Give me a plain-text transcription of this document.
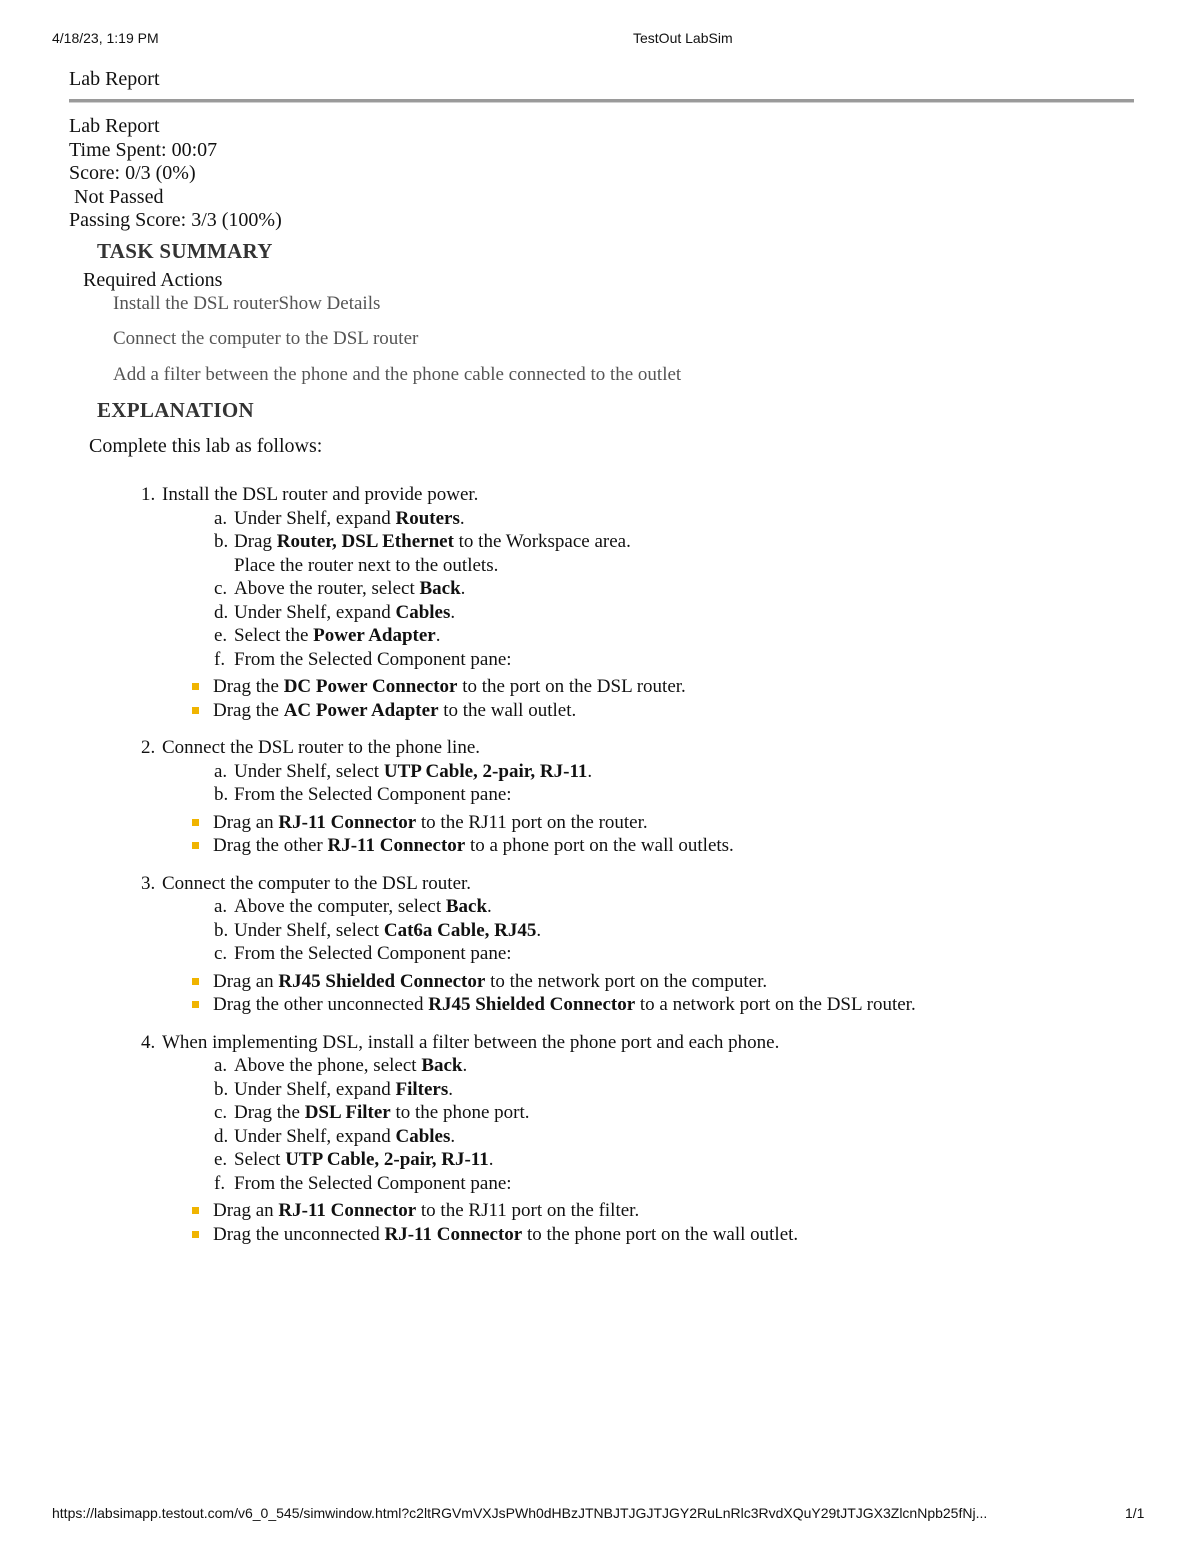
4/18/23, 1:19 PM	TestOut LabSim
Lab Report
Lab Report
Time Spent: 00:07
Score: 0/3 (0%)
Not Passed
Passing Score: 3/3 (100%)
TASK SUMMARY
Required Actions
Install the DSL routerShow Details
Connect the computer to the DSL router
Add a filter between the phone and the phone cable connected to the outlet
EXPLANATION
Complete this lab as follows:
1. Install the DSL router and provide power.
a. Under Shelf, expand Routers.
b. Drag Router, DSL Ethernet to the Workspace area.
Place the router next to the outlets.
c. Above the router, select Back.
d. Under Shelf, expand Cables.
e. Select the Power Adapter.
f. From the Selected Component pane:
Drag the DC Power Connector to the port on the DSL router.
Drag the AC Power Adapter to the wall outlet.
2. Connect the DSL router to the phone line.
a. Under Shelf, select UTP Cable, 2-pair, RJ-11.
b. From the Selected Component pane:
Drag an RJ-11 Connector to the RJ11 port on the router.
Drag the other RJ-11 Connector to a phone port on the wall outlets.
3. Connect the computer to the DSL router.
a. Above the computer, select Back.
b. Under Shelf, select Cat6a Cable, RJ45.
c. From the Selected Component pane:
Drag an RJ45 Shielded Connector to the network port on the computer.
Drag the other unconnected RJ45 Shielded Connector to a network port on the DSL router.
4. When implementing DSL, install a filter between the phone port and each phone.
a. Above the phone, select Back.
b. Under Shelf, expand Filters.
c. Drag the DSL Filter to the phone port.
d. Under Shelf, expand Cables.
e. Select UTP Cable, 2-pair, RJ-11.
f. From the Selected Component pane:
Drag an RJ-11 Connector to the RJ11 port on the filter.
Drag the unconnected RJ-11 Connector to the phone port on the wall outlet.
https://labsimapp.testout.com/v6_0_545/simwindow.html?c2ltRGVmVXJsPWh0dHBzJTNBJTJGJTJGY2RuLnRlc3RvdXQuY29tJTJGX3ZlcnNpb25fNj...	1/1
